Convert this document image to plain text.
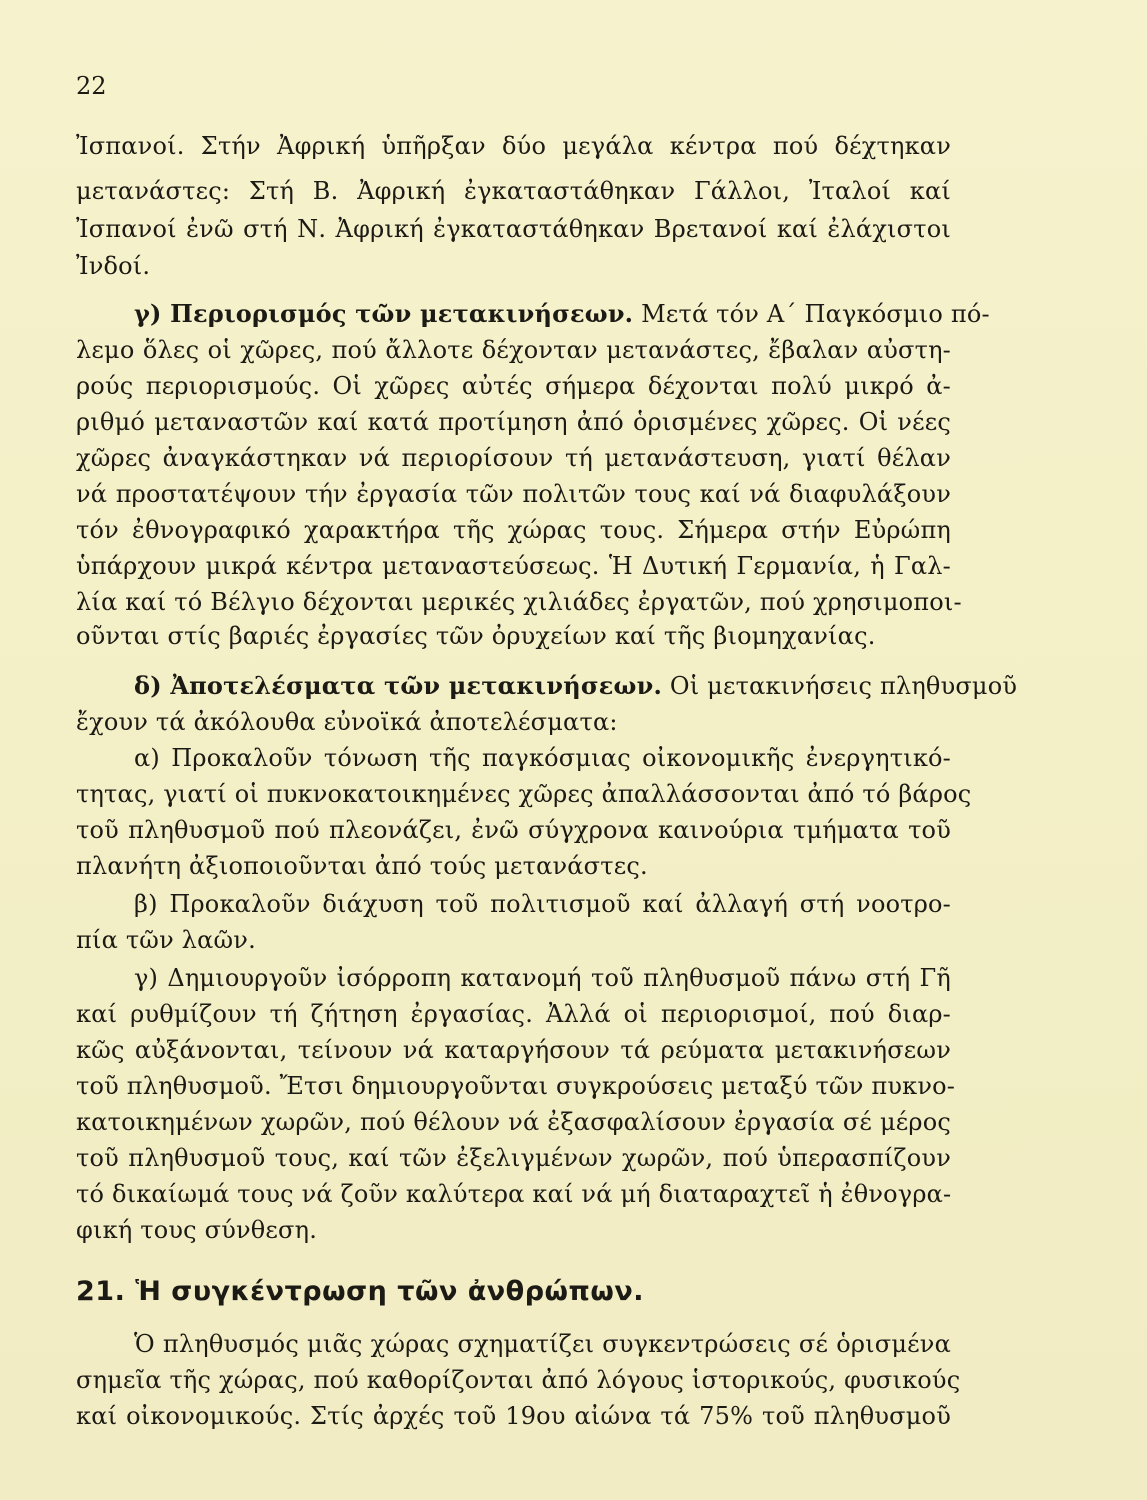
22
Ἰσπανοί. Στήν Ἀφρική ὑπῆρξαν δύο μεγάλα κέντρα πού δέχτηκαν
μετανάστες: Στή Β. Ἀφρική ἐγκαταστάθηκαν Γάλλοι, Ἰταλοί καί
Ἰσπανοί ἐνῶ στή Ν. Ἀφρική ἐγκαταστάθηκαν Βρετανοί καί ἐλάχιστοι
Ἰνδοί.
γ) Περιορισμός τῶν μετακινήσεων. Μετά τόν Α΄ Παγκόσμιο πό-
λεμο ὅλες οἱ χῶρες, πού ἄλλοτε δέχονταν μετανάστες, ἔβαλαν αὐστη-
ρούς περιορισμούς. Οἱ χῶρες αὐτές σήμερα δέχονται πολύ μικρό ἀ-
ριθμό μεταναστῶν καί κατά προτίμηση ἀπό ὁρισμένες χῶρες. Οἱ νέες
χῶρες ἀναγκάστηκαν νά περιορίσουν τή μετανάστευση, γιατί θέλαν
νά προστατέψουν τήν ἐργασία τῶν πολιτῶν τους καί νά διαφυλάξουν
τόν ἐθνογραφικό χαρακτήρα τῆς χώρας τους. Σήμερα στήν Εὐρώπη
ὑπάρχουν μικρά κέντρα μεταναστεύσεως. Ἡ Δυτική Γερμανία, ἡ Γαλ-
λία καί τό Βέλγιο δέχονται μερικές χιλιάδες ἐργατῶν, πού χρησιμοποι-
οῦνται στίς βαριές ἐργασίες τῶν ὀρυχείων καί τῆς βιομηχανίας.
δ) Ἀποτελέσματα τῶν μετακινήσεων. Οἱ μετακινήσεις πληθυσμοῦ
ἔχουν τά ἀκόλουθα εὐνοϊκά ἀποτελέσματα:
α) Προκαλοῦν τόνωση τῆς παγκόσμιας οἰκονομικῆς ἐνεργητικό-
τητας, γιατί οἱ πυκνοκατοικημένες χῶρες ἀπαλλάσσονται ἀπό τό βάρος
τοῦ πληθυσμοῦ πού πλεονάζει, ἐνῶ σύγχρονα καινούρια τμήματα τοῦ
πλανήτη ἀξιοποιοῦνται ἀπό τούς μετανάστες.
β) Προκαλοῦν διάχυση τοῦ πολιτισμοῦ καί ἀλλαγή στή νοοτρο-
πία τῶν λαῶν.
γ) Δημιουργοῦν ἰσόρροπη κατανομή τοῦ πληθυσμοῦ πάνω στή Γῆ
καί ρυθμίζουν τή ζήτηση ἐργασίας. Ἀλλά οἱ περιορισμοί, πού διαρ-
κῶς αὐξάνονται, τείνουν νά καταργήσουν τά ρεύματα μετακινήσεων
τοῦ πληθυσμοῦ. Ἔτσι δημιουργοῦνται συγκρούσεις μεταξύ τῶν πυκνο-
κατοικημένων χωρῶν, πού θέλουν νά ἐξασφαλίσουν ἐργασία σέ μέρος
τοῦ πληθυσμοῦ τους, καί τῶν ἐξελιγμένων χωρῶν, πού ὑπερασπίζουν
τό δικαίωμά τους νά ζοῦν καλύτερα καί νά μή διαταραχτεῖ ἡ ἐθνογρα-
φική τους σύνθεση.
21. Ἡ συγκέντρωση τῶν ἀνθρώπων.
Ὁ πληθυσμός μιᾶς χώρας σχηματίζει συγκεντρώσεις σέ ὁρισμένα
σημεῖα τῆς χώρας, πού καθορίζονται ἀπό λόγους ἱστορικούς, φυσικούς
καί οἰκονομικούς. Στίς ἀρχές τοῦ 19ου αἰώνα τά 75% τοῦ πληθυσμοῦ
